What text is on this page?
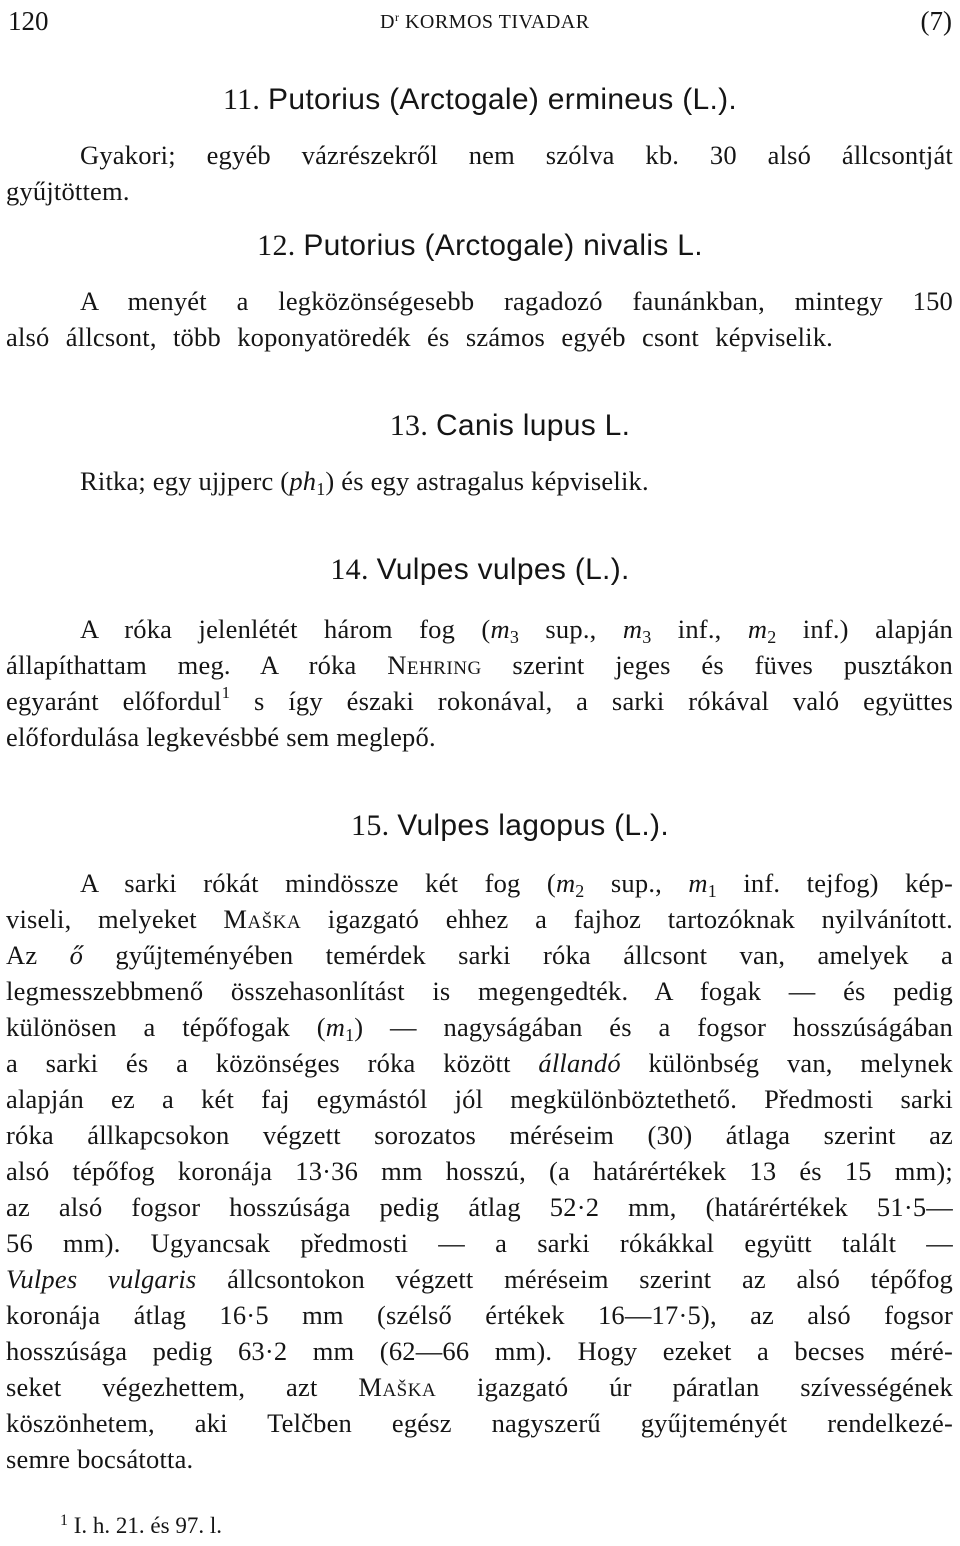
120	$D^r$ KORMOS TIVADAR	(7)
11. Putorius (Arctogale) ermineus (L.).
Gyakori; egyéb vázrészekről nem szólva kb. 30 alsó állcsontját
gyűjtöttem.
12. Putorius (Arctogale) nivalis L.
A menyét a legközönségesebb ragadozó faunánkban, mintegy 150
alsó állcsont, több koponyatöredék és számos egyéb csont képviselik.
13. Canis lupus L.
Ritka; egy ujjperc $(ph_1)$ és egy astragalus képviselik.
14. Vulpes vulpes (L.).
A róka jelenlétét három fog ($m_3$ sup., $m_3$ inf., $m_2$ inf.) alapján
állapíthattam meg. A róka Nehring szerint jeges és füves pusztákon
egyaránt előfordul$^1$ s így északi rokonával, a sarki rókával való együttes
előfordulása legkevésbbé sem meglepő.
15. Vulpes lagopus (L.).
A sarki rókát mindössze két fog ($m_2$ sup., $m_1$ inf. tejfog) kép-
viseli, melyeket Maška igazgató ehhez a fajhoz tartozóknak nyilvánított.
Az ő gyűjteményében temérdek sarki róka állcsont van, amelyek a
legmesszebbmenő összehasonlítást is megengedték. A fogak — és pedig
különösen a tépőfogak $(m_1)$ — nagyságában és a fogsor hosszúságában
a sarki és a közönséges róka között állandó különbség van, melynek
alapján ez a két faj egymástól jól megkülönböztethető. Předmosti sarki
róka állkapcsokon végzett sorozatos méréseim (30) átlaga szerint az
alsó tépőfog koronája 13·36 mm hosszú, (a határértékek 13 és 15 mm);
az alsó fogsor hosszúsága pedig átlag 52·2 mm, (határértékek 51·5—
56 mm). Ugyancsak předmosti — a sarki rókákkal együtt talált —
Vulpes vulgaris állcsontokon végzett méréseim szerint az alsó tépőfog
koronája átlag 16·5 mm (szélső értékek 16—17·5), az alsó fogsor
hosszúsága pedig 63·2 mm (62—66 mm). Hogy ezeket a becses méré-
seket végezhettem, azt Maška igazgató úr páratlan szívességének
köszönhetem, aki Telčben egész nagyszerű gyűjteményét rendelkezé-
semre bocsátotta.
$^1$ I. h. 21. és 97. l.
